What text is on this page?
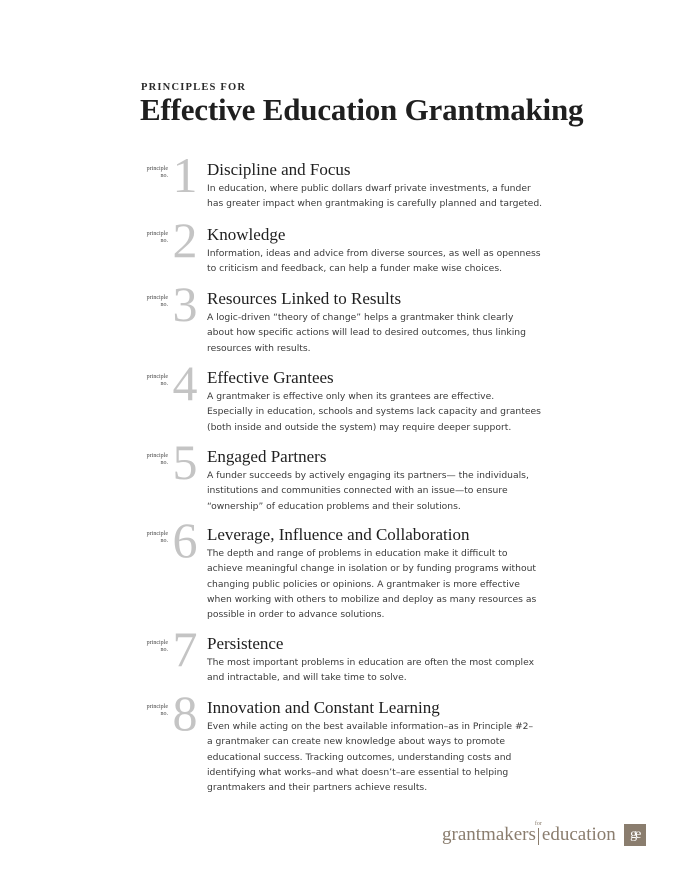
PRINCIPLES FOR
Effective Education Grantmaking
principle
no. 1 Discipline and Focus
In education, where public dollars dwarf private investments, a funder
has greater impact when grantmaking is carefully planned and targeted.
principle
no. 2 Knowledge
Information, ideas and advice from diverse sources, as well as openness
to criticism and feedback, can help a funder make wise choices.
principle
no. 3 Resources Linked to Results
A logic-driven “theory of change” helps a grantmaker think clearly
about how specific actions will lead to desired outcomes, thus linking
resources with results.
principle
no. 4 Effective Grantees
A grantmaker is effective only when its grantees are effective.
Especially in education, schools and systems lack capacity and grantees
(both inside and outside the system) may require deeper support.
principle
no. 5 Engaged Partners
A funder succeeds by actively engaging its partners— the individuals,
institutions and communities connected with an issue—to ensure
“ownership” of education problems and their solutions.
principle
no. 6 Leverage, Influence and Collaboration
The depth and range of problems in education make it difficult to
achieve meaningful change in isolation or by funding programs without
changing public policies or opinions. A grantmaker is more effective
when working with others to mobilize and deploy as many resources as
possible in order to advance solutions.
principle
no. 7 Persistence
The most important problems in education are often the most complex
and intractable, and will take time to solve.
principle
no. 8 Innovation and Constant Learning
Even while acting on the best available information–as in Principle #2–
a grantmaker can create new knowledge about ways to promote
educational success. Tracking outcomes, understanding costs and
identifying what works–and what doesn’t–are essential to helping
grantmakers and their partners achieve results.
grantmakers for education	ge
